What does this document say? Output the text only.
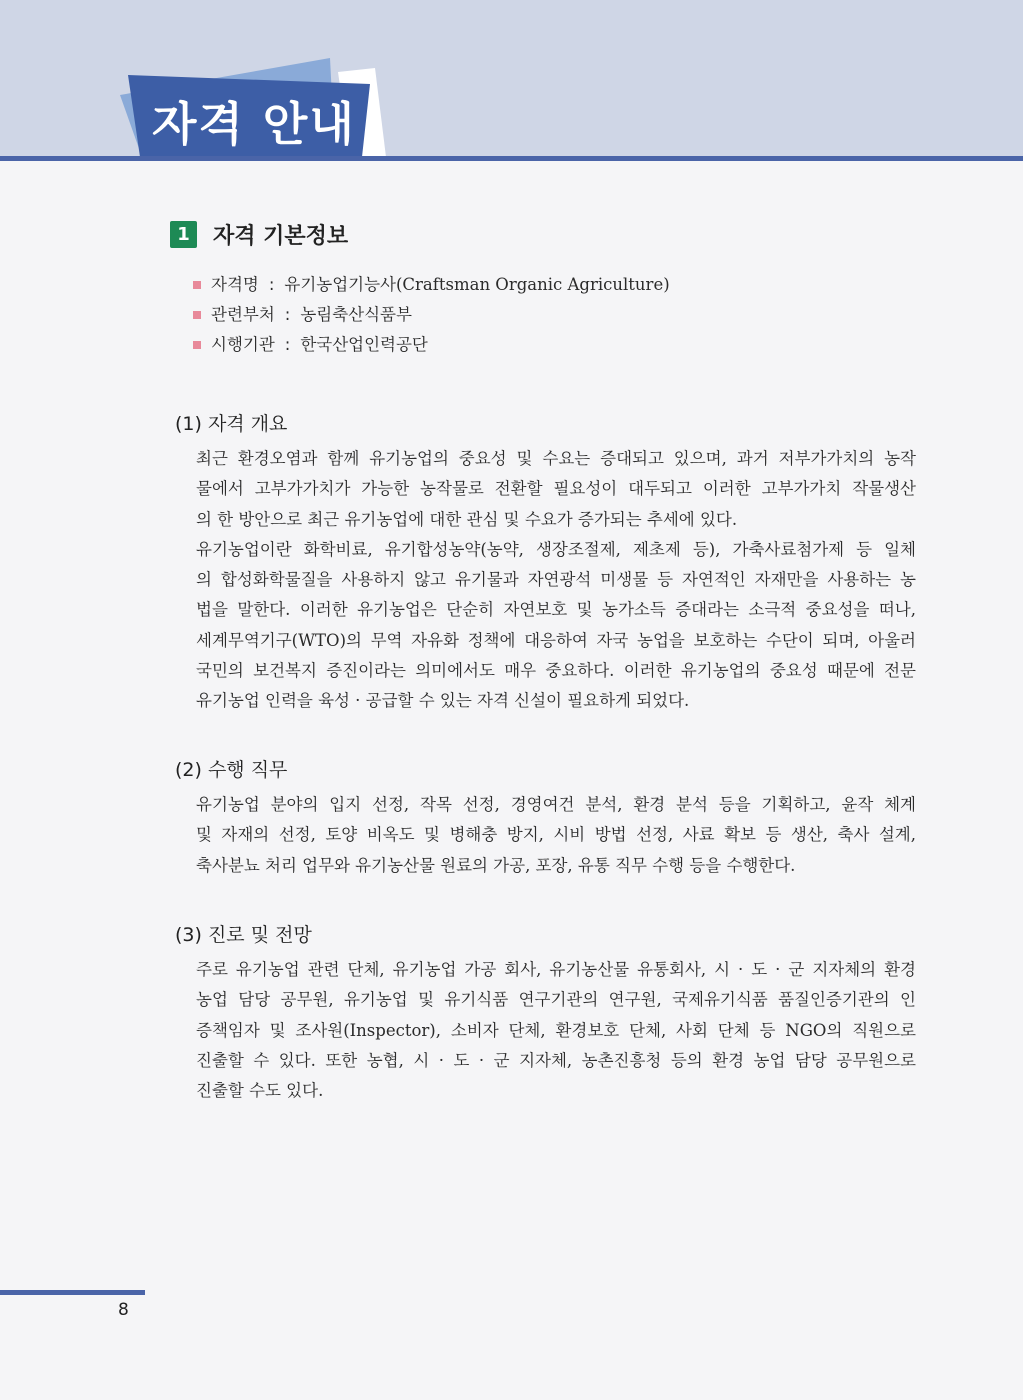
자격 안내
1	자격 기본정보
자격명 : 유기농업기능사(Craftsman Organic Agriculture)
관련부처 : 농림축산식품부
시행기관 : 한국산업인력공단
(1) 자격 개요
최근 환경오염과 함께 유기농업의 중요성 및 수요는 증대되고 있으며, 과거 저부가가치의 농작
물에서 고부가가치가 가능한 농작물로 전환할 필요성이 대두되고 이러한 고부가가치 작물생산
의 한 방안으로 최근 유기농업에 대한 관심 및 수요가 증가되는 추세에 있다.
유기농업이란 화학비료, 유기합성농약(농약, 생장조절제, 제초제 등), 가축사료첨가제 등 일체
의 합성화학물질을 사용하지 않고 유기물과 자연광석 미생물 등 자연적인 자재만을 사용하는 농
법을 말한다. 이러한 유기농업은 단순히 자연보호 및 농가소득 증대라는 소극적 중요성을 떠나,
세계무역기구(WTO)의 무역 자유화 정책에 대응하여 자국 농업을 보호하는 수단이 되며, 아울러
국민의 보건복지 증진이라는 의미에서도 매우 중요하다. 이러한 유기농업의 중요성 때문에 전문
유기농업 인력을 육성 · 공급할 수 있는 자격 신설이 필요하게 되었다.
(2) 수행 직무
유기농업 분야의 입지 선정, 작목 선정, 경영여건 분석, 환경 분석 등을 기획하고, 윤작 체계
및 자재의 선정, 토양 비옥도 및 병해충 방지, 시비 방법 선정, 사료 확보 등 생산, 축사 설계,
축사분뇨 처리 업무와 유기농산물 원료의 가공, 포장, 유통 직무 수행 등을 수행한다.
(3) 진로 및 전망
주로 유기농업 관련 단체, 유기농업 가공 회사, 유기농산물 유통회사, 시 · 도 · 군 지자체의 환경
농업 담당 공무원, 유기농업 및 유기식품 연구기관의 연구원, 국제유기식품 품질인증기관의 인
증책임자 및 조사원(Inspector), 소비자 단체, 환경보호 단체, 사회 단체 등 NGO의 직원으로
진출할 수 있다. 또한 농협, 시 · 도 · 군 지자체, 농촌진흥청 등의 환경 농업 담당 공무원으로
진출할 수도 있다.
8
